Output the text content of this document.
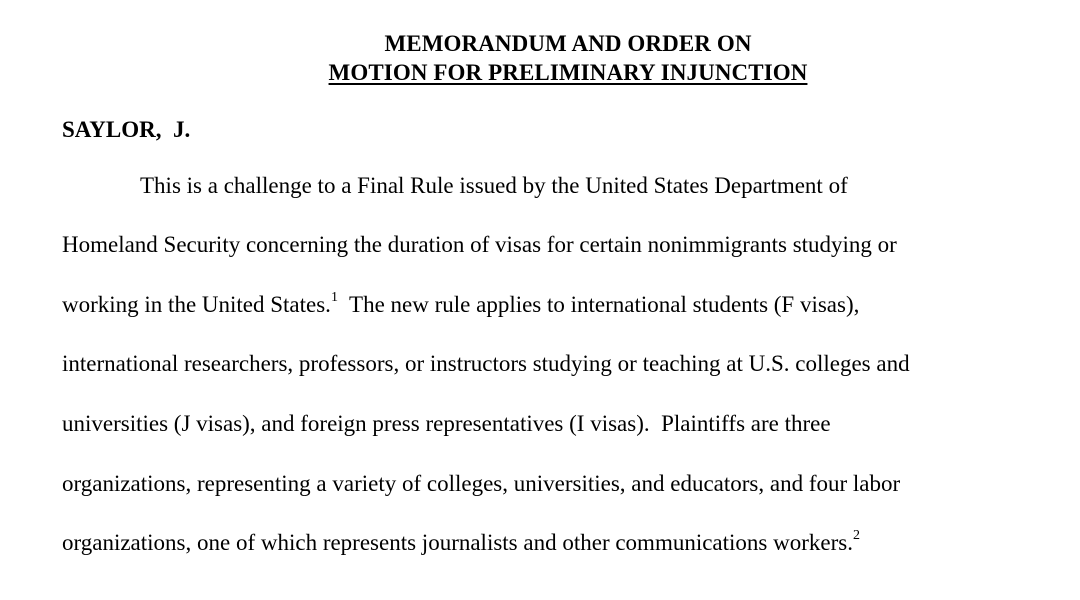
MEMORANDUM AND ORDER ON
MOTION FOR PRELIMINARY INJUNCTION
SAYLOR,  J.
This is a challenge to a Final Rule issued by the United States Department of
Homeland Security concerning the duration of visas for certain nonimmigrants studying or
working in the United States.$^1$  The new rule applies to international students (F visas),
international researchers, professors, or instructors studying or teaching at U.S. colleges and
universities (J visas), and foreign press representatives (I visas).  Plaintiffs are three
organizations, representing a variety of colleges, universities, and educators, and four labor
organizations, one of which represents journalists and other communications workers.$^2$
